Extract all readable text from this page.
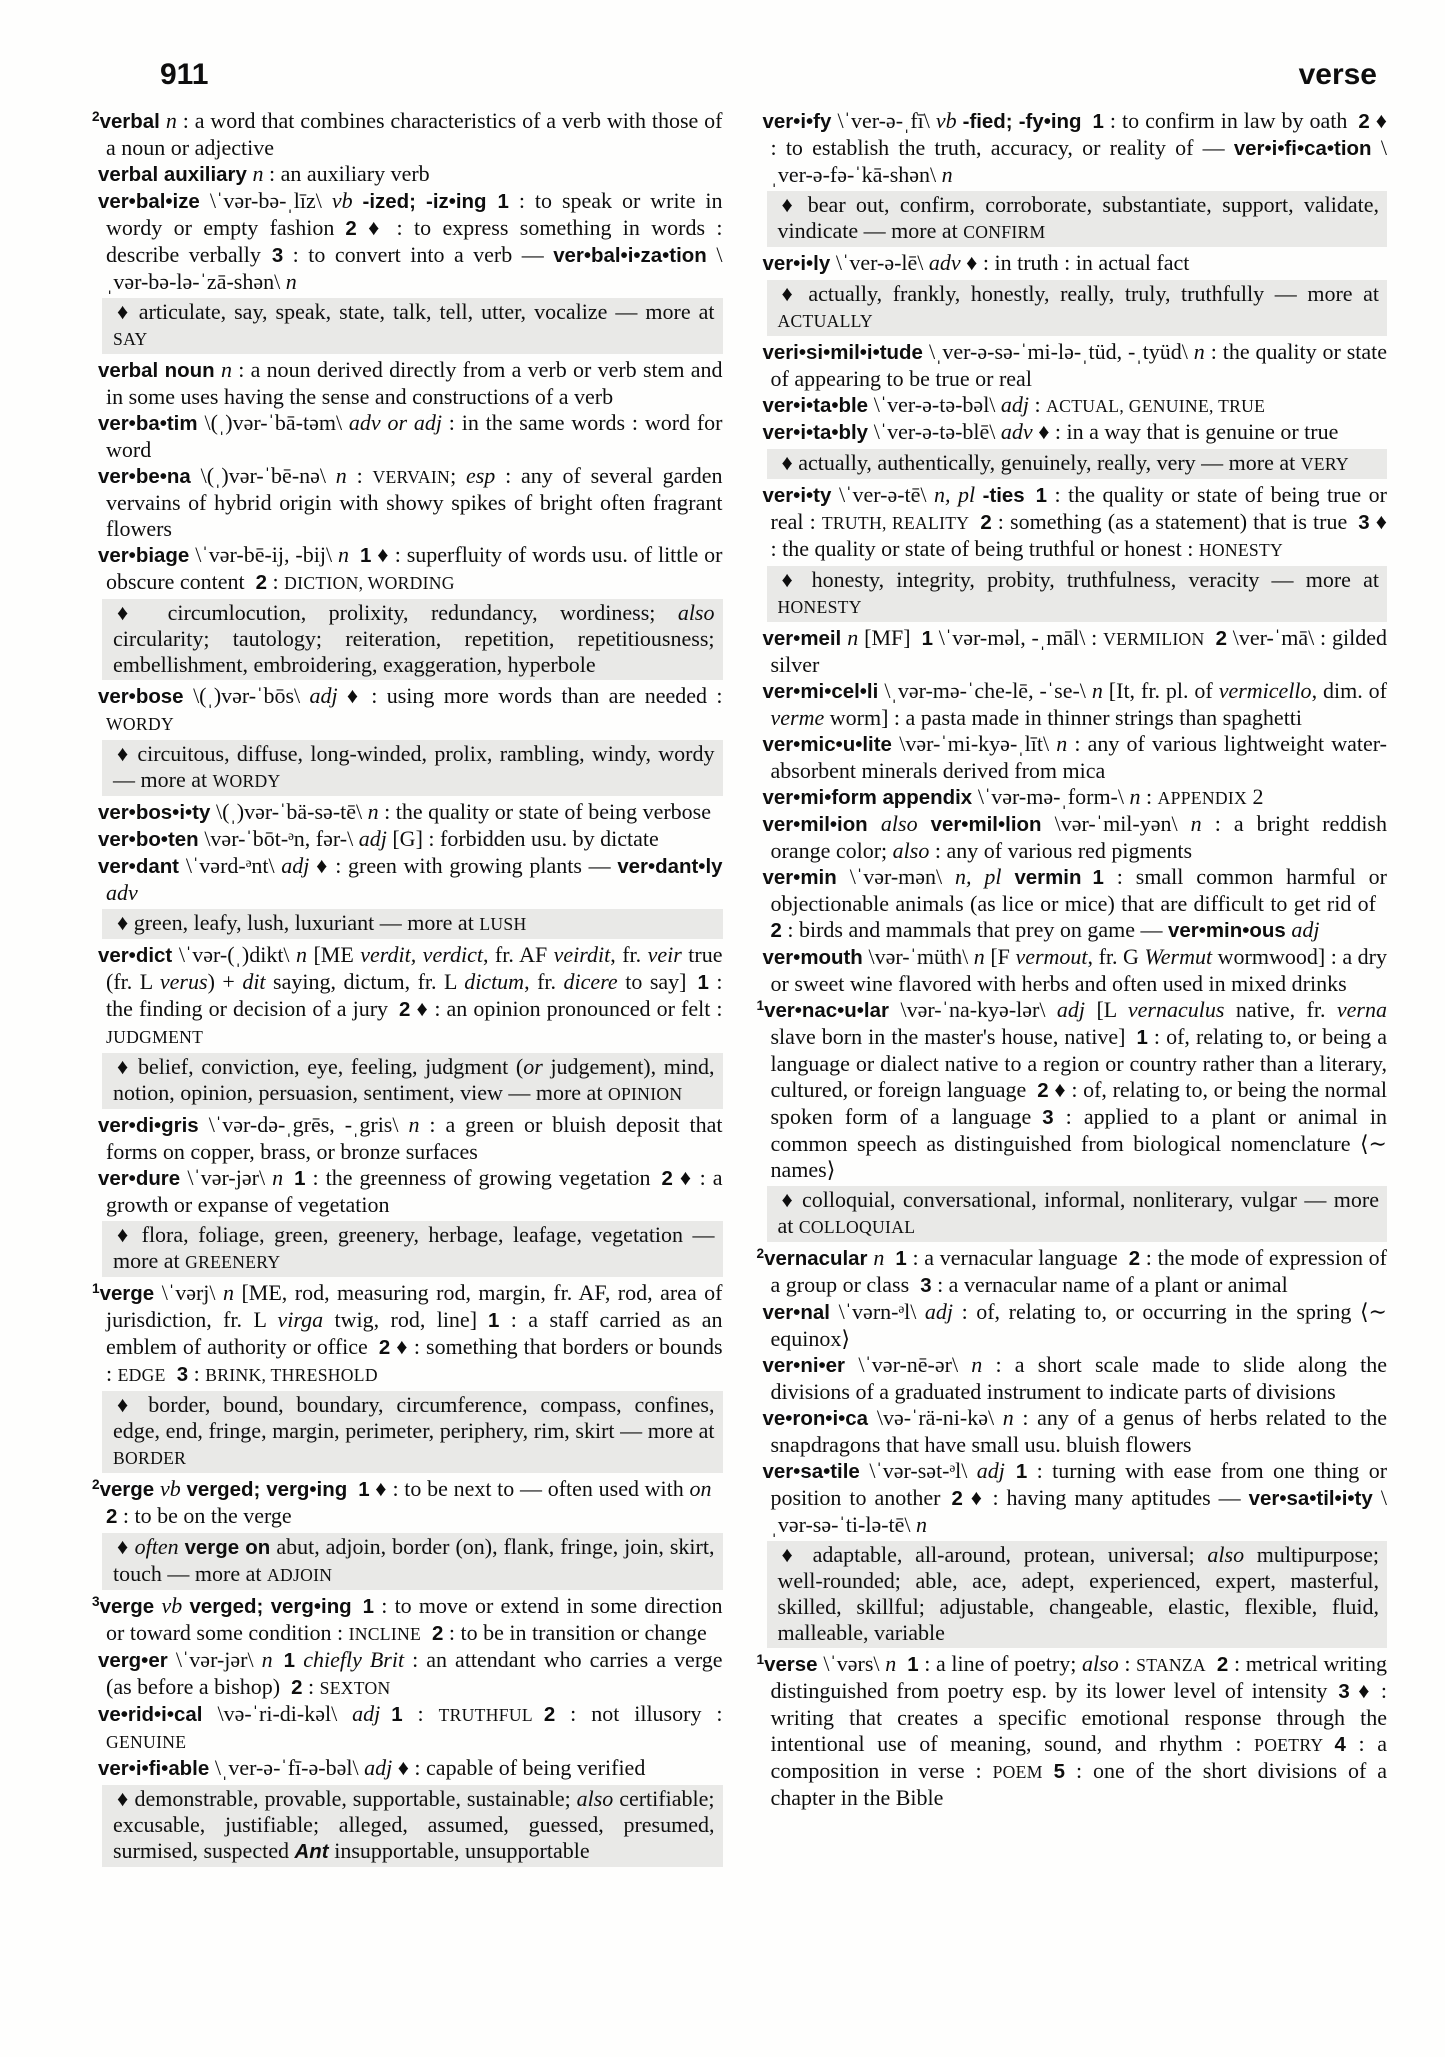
911	verse
$^2$verbal n : a word that combines characteristics of a verb with those of a noun or adjective
verbal auxiliary n : an auxiliary verb
ver•bal•ize \ˈvər-bə-ˌlīz\ vb -ized; -iz•ing  1 : to speak or write in wordy or empty fashion 2 ♦ : to express something in words : describe verbally 3 : to convert into a verb — ver•bal•i•za•tion \ˌvər-bə-lə-ˈzā-shən\ n
♦ articulate, say, speak, state, talk, tell, utter, vocalize — more at SAY
verbal noun n : a noun derived directly from a verb or verb stem and in some uses having the sense and constructions of a verb
ver•ba•tim \(ˌ)vər-ˈbā-təm\ adv or adj : in the same words : word for word
ver•be•na \(ˌ)vər-ˈbē-nə\ n : VERVAIN; esp : any of several garden vervains of hybrid origin with showy spikes of bright often fragrant flowers
ver•biage \ˈvər-bē-ij, -bij\ n  1 ♦ : superfluity of words usu. of little or obscure content 2 : DICTION, WORDING
♦ circumlocution, prolixity, redundancy, wordiness; also circularity; tautology; reiteration, repetition, repetitiousness; embellishment, embroidering, exaggeration, hyperbole
ver•bose \(ˌ)vər-ˈbōs\ adj ♦ : using more words than are needed : WORDY
♦ circuitous, diffuse, long-winded, prolix, rambling, windy, wordy — more at WORDY
ver•bos•i•ty \(ˌ)vər-ˈbä-sə-tē\ n : the quality or state of being verbose
ver•bo•ten \vər-ˈbōt-ᵊn, fər-\ adj [G] : forbidden usu. by dictate
ver•dant \ˈvərd-ᵊnt\ adj ♦ : green with growing plants — ver•dant•ly adv
♦ green, leafy, lush, luxuriant — more at LUSH
ver•dict \ˈvər-(ˌ)dikt\ n [ME verdit, verdict, fr. AF veirdit, fr. veir true (fr. L verus) + dit saying, dictum, fr. L dictum, fr. dicere to say] 1 : the finding or decision of a jury 2 ♦ : an opinion pronounced or felt : JUDGMENT
♦ belief, conviction, eye, feeling, judgment (or judgement), mind, notion, opinion, persuasion, sentiment, view — more at OPINION
ver•di•gris \ˈvər-də-ˌgrēs, -ˌgris\ n : a green or bluish deposit that forms on copper, brass, or bronze surfaces
ver•dure \ˈvər-jər\ n  1 : the greenness of growing vegetation 2 ♦ : a growth or expanse of vegetation
♦ flora, foliage, green, greenery, herbage, leafage, vegetation — more at GREENERY
$^1$verge \ˈvərj\ n [ME, rod, measuring rod, margin, fr. AF, rod, area of jurisdiction, fr. L virga twig, rod, line] 1 : a staff carried as an emblem of authority or office 2 ♦ : something that borders or bounds : EDGE  3 : BRINK, THRESHOLD
♦ border, bound, boundary, circumference, compass, confines, edge, end, fringe, margin, perimeter, periphery, rim, skirt — more at BORDER
$^2$verge vb verged; verg•ing  1 ♦ : to be next to — often used with on 2 : to be on the verge
♦ often verge on abut, adjoin, border (on), flank, fringe, join, skirt, touch — more at ADJOIN
$^3$verge vb verged; verg•ing  1 : to move or extend in some direction or toward some condition : INCLINE  2 : to be in transition or change
verg•er \ˈvər-jər\ n  1 chiefly Brit : an attendant who carries a verge (as before a bishop) 2 : SEXTON
ve•rid•i•cal \və-ˈri-di-kəl\ adj  1 : TRUTHFUL  2 : not illusory : GENUINE
ver•i•fi•able \ˌver-ə-ˈfī-ə-bəl\ adj ♦ : capable of being verified
♦ demonstrable, provable, supportable, sustainable; also certifiable; excusable, justifiable; alleged, assumed, guessed, presumed, surmised, suspected Ant insupportable, unsupportable
ver•i•fy \ˈver-ə-ˌfī\ vb -fied; -fy•ing  1 : to confirm in law by oath 2 ♦ : to establish the truth, accuracy, or reality of — ver•i•fi•ca•tion \ˌver-ə-fə-ˈkā-shən\ n
♦ bear out, confirm, corroborate, substantiate, support, validate, vindicate — more at CONFIRM
ver•i•ly \ˈver-ə-lē\ adv ♦ : in truth : in actual fact
♦ actually, frankly, honestly, really, truly, truthfully — more at ACTUALLY
veri•si•mil•i•tude \ˌver-ə-sə-ˈmi-lə-ˌtüd, -ˌtyüd\ n : the quality or state of appearing to be true or real
ver•i•ta•ble \ˈver-ə-tə-bəl\ adj : ACTUAL, GENUINE, TRUE
ver•i•ta•bly \ˈver-ə-tə-blē\ adv ♦ : in a way that is genuine or true
♦ actually, authentically, genuinely, really, very — more at VERY
ver•i•ty \ˈver-ə-tē\ n, pl -ties  1 : the quality or state of being true or real : TRUTH, REALITY  2 : something (as a statement) that is true 3 ♦ : the quality or state of being truthful or honest : HONESTY
♦ honesty, integrity, probity, truthfulness, veracity — more at HONESTY
ver•meil n [MF] 1 \ˈvər-məl, -ˌmāl\ : VERMILION  2 \ver-ˈmā\ : gilded silver
ver•mi•cel•li \ˌvər-mə-ˈche-lē, -ˈse-\ n [It, fr. pl. of vermicello, dim. of verme worm] : a pasta made in thinner strings than spaghetti
ver•mic•u•lite \vər-ˈmi-kyə-ˌlīt\ n : any of various lightweight water-absorbent minerals derived from mica
ver•mi•form appendix \ˈvər-mə-ˌform-\ n : APPENDIX 2
ver•mil•ion also ver•mil•lion \vər-ˈmil-yən\ n : a bright reddish orange color; also : any of various red pigments
ver•min \ˈvər-mən\ n, pl vermin  1 : small common harmful or objectionable animals (as lice or mice) that are difficult to get rid of 2 : birds and mammals that prey on game — ver•min•ous adj
ver•mouth \vər-ˈmüth\ n [F vermout, fr. G Wermut wormwood] : a dry or sweet wine flavored with herbs and often used in mixed drinks
$^1$ver•nac•u•lar \vər-ˈna-kyə-lər\ adj [L vernaculus native, fr. verna slave born in the master's house, native] 1 : of, relating to, or being a language or dialect native to a region or country rather than a literary, cultured, or foreign language 2 ♦ : of, relating to, or being the normal spoken form of a language 3 : applied to a plant or animal in common speech as distinguished from biological nomenclature ⟨∼ names⟩
♦ colloquial, conversational, informal, nonliterary, vulgar — more at COLLOQUIAL
$^2$vernacular n  1 : a vernacular language 2 : the mode of expression of a group or class 3 : a vernacular name of a plant or animal
ver•nal \ˈvərn-ᵊl\ adj : of, relating to, or occurring in the spring ⟨∼ equinox⟩
ver•ni•er \ˈvər-nē-ər\ n : a short scale made to slide along the divisions of a graduated instrument to indicate parts of divisions
ve•ron•i•ca \və-ˈrä-ni-kə\ n : any of a genus of herbs related to the snapdragons that have small usu. bluish flowers
ver•sa•tile \ˈvər-sət-ᵊl\ adj  1 : turning with ease from one thing or position to another 2 ♦ : having many aptitudes — ver•sa•til•i•ty \ˌvər-sə-ˈti-lə-tē\ n
♦ adaptable, all-around, protean, universal; also multipurpose; well-rounded; able, ace, adept, experienced, expert, masterful, skilled, skillful; adjustable, changeable, elastic, flexible, fluid, malleable, variable
$^1$verse \ˈvərs\ n  1 : a line of poetry; also : STANZA  2 : metrical writing distinguished from poetry esp. by its lower level of intensity 3 ♦ : writing that creates a specific emotional response through the intentional use of meaning, sound, and rhythm : POETRY  4 : a composition in verse : POEM  5 : one of the short divisions of a chapter in the Bible
